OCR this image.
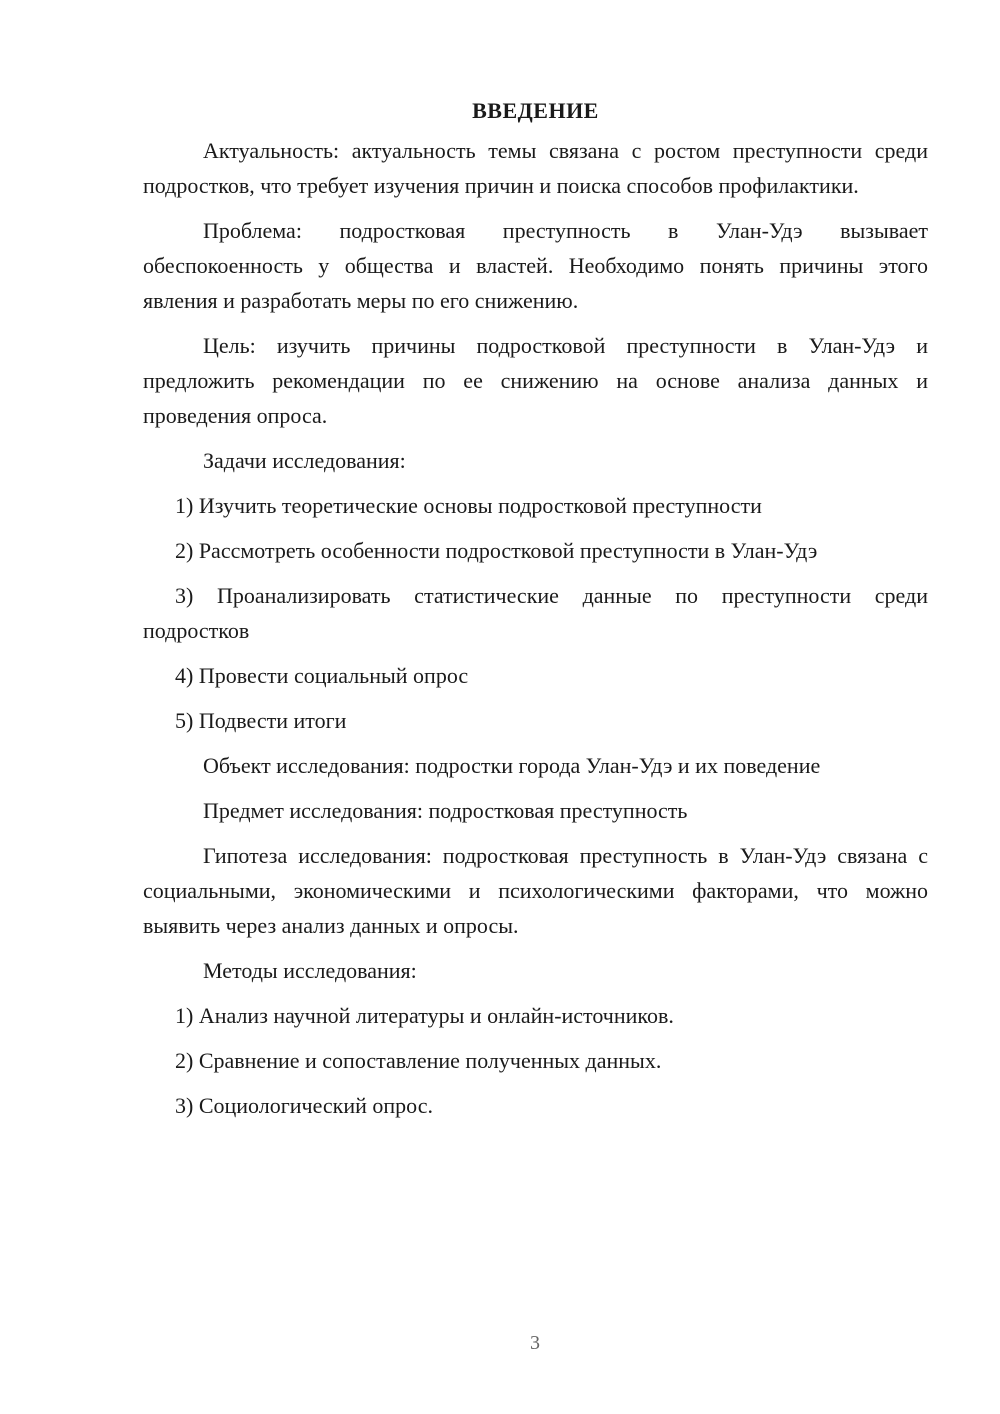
ВВЕДЕНИЕ

Актуальность: актуальность темы связана с ростом преступности среди подростков, что требует изучения причин и поиска способов профилактики.

Проблема: подростковая преступность в Улан-Удэ вызывает обеспокоенность у общества и властей. Необходимо понять причины этого явления и разработать меры по его снижению.

Цель: изучить причины подростковой преступности в Улан-Удэ и предложить рекомендации по ее снижению на основе анализа данных и проведения опроса.

Задачи исследования:

1) Изучить теоретические основы подростковой преступности

2) Рассмотреть особенности подростковой преступности в Улан-Удэ

3) Проанализировать статистические данные по преступности среди подростков

4) Провести социальный опрос

5) Подвести итоги

Объект исследования: подростки города Улан-Удэ и их поведение

Предмет исследования: подростковая преступность

Гипотеза исследования: подростковая преступность в Улан-Удэ связана с социальными, экономическими и психологическими факторами, что можно выявить через анализ данных и опросы.

Методы исследования:

1) Анализ научной литературы и онлайн-источников.

2) Сравнение и сопоставление полученных данных.

3) Социологический опрос.

3
